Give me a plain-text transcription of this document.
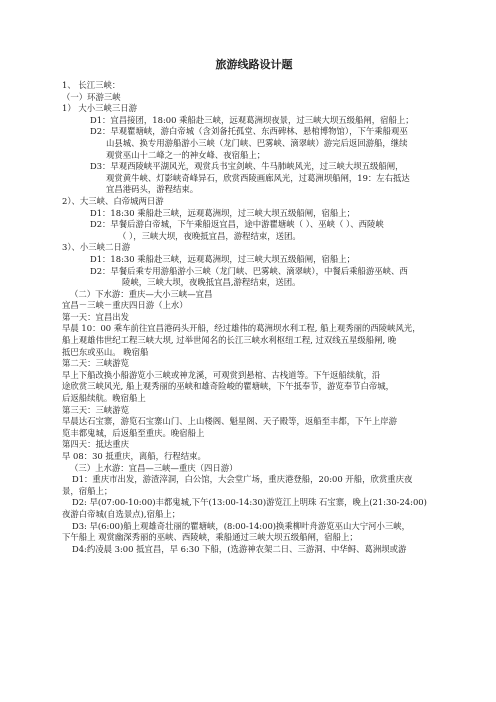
旅游线路设计题
1、 长江三峡：
（一）环游三峡
1） 大小三峡三日游
D1：宜昌接团，18:00 乘船赴三峡，远观葛洲坝夜景，过三峡大坝五级船闸，宿船上；
D2：早观瞿塘峡，游白帝城（含刘备托孤堂、东西碑林、悬棺博物馆），下午乘船观巫
山县城、换专用游船游小三峡（龙门峡、巴雾峡、滴翠峡）游完后返回游船，继续
观赏巫山十二峰之一的神女峰、夜宿船上；
D3：早观西陵峡平湖风光，观赏兵书宝剑峡、牛马肺峡风光，过三峡大坝五级船闸，
观赏黄牛峡、灯影峡奇峰异石，欣赏西陵画廊风光，过葛洲坝船闸，19：左右抵达
宜昌港码头，游程结束。
2）、大三峡、白帝城两日游
D1：18:30 乘船赴三峡，远观葛洲坝，过三峡大坝五级船闸，宿船上；
D2：早餐后游白帝城，下午乘船返宜昌，途中游瞿塘峡（ ）、巫峡（ ）、西陵峡
（ ），三峡大坝，夜晚抵宜昌，游程结束，送团。
3）、小三峡二日游
D1：18:30 乘船赴三峡，远观葛洲坝，过三峡大坝五级船闸，宿船上；
D2：早餐后乘专用游船游小三峡（龙门峡、巴雾峡、滴翠峡），中餐后乘船游巫峡、西
陵峡，三峡大坝，夜晚抵宜昌,游程结束，送团。
（二）下水游：重庆—大小三峡—宜昌
宜昌－三峡－重庆四日游（上水）
第一天：宜昌出发
早晨 10：00 乘车前往宜昌港码头开船，经过雄伟的葛洲坝水利工程, 船上观秀丽的西陵峡风光，
船上观雄伟世纪工程三峡大坝, 过举世闻名的长江三峡水利枢纽工程, 过双线五星级船闸, 晚
抵巴东或巫山。 晚宿船
第二天：三峡游览
早上下船改换小船游览小三峡或神龙溪，可观赏到悬棺、古栈道等。下午返船续航，沿
途欣赏三峡风光, 船上观秀丽的巫峡和雄奇险峻的瞿塘峡，下午抵奉节，游览奉节白帝城，
后返船续航。晚宿船上
第三天：三峡游览
早晨达石宝寨，游览石宝寨山门、上山楼阁、魁星阁、天子殿等，返船至丰都，下午上岸游
览丰都鬼城，后返船至重庆。晚宿船上
第四天：抵达重庆
早 08：30 抵重庆，离船，行程结束。
（三）上水游：宜昌—三峡—重庆（四日游）
D1：重庆市出发，游渣滓洞，白公馆，大会堂广场，重庆港登船，20:00 开船，欣赏重庆夜
景，宿船上；
D2: 早(07:00-10:00)丰都鬼城,下午(13:00-14:30)游览江上明珠 石宝寨，晚上(21:30-24:00)
夜游白帝城(自选景点),宿船上；
D3: 早(6:00)船上观雄奇壮丽的瞿塘峡，(8:00-14:00)换乘柳叶舟游览巫山大宁河小三峡，
下午船上 观赏幽深秀丽的巫峡、西陵峡，乘船通过三峡大坝五级船闸，宿船上；
D4:约凌晨 3:00 抵宜昌，早 6:30 下船，(选游神农架二日、三游洞、中华鲟、葛洲坝或游
